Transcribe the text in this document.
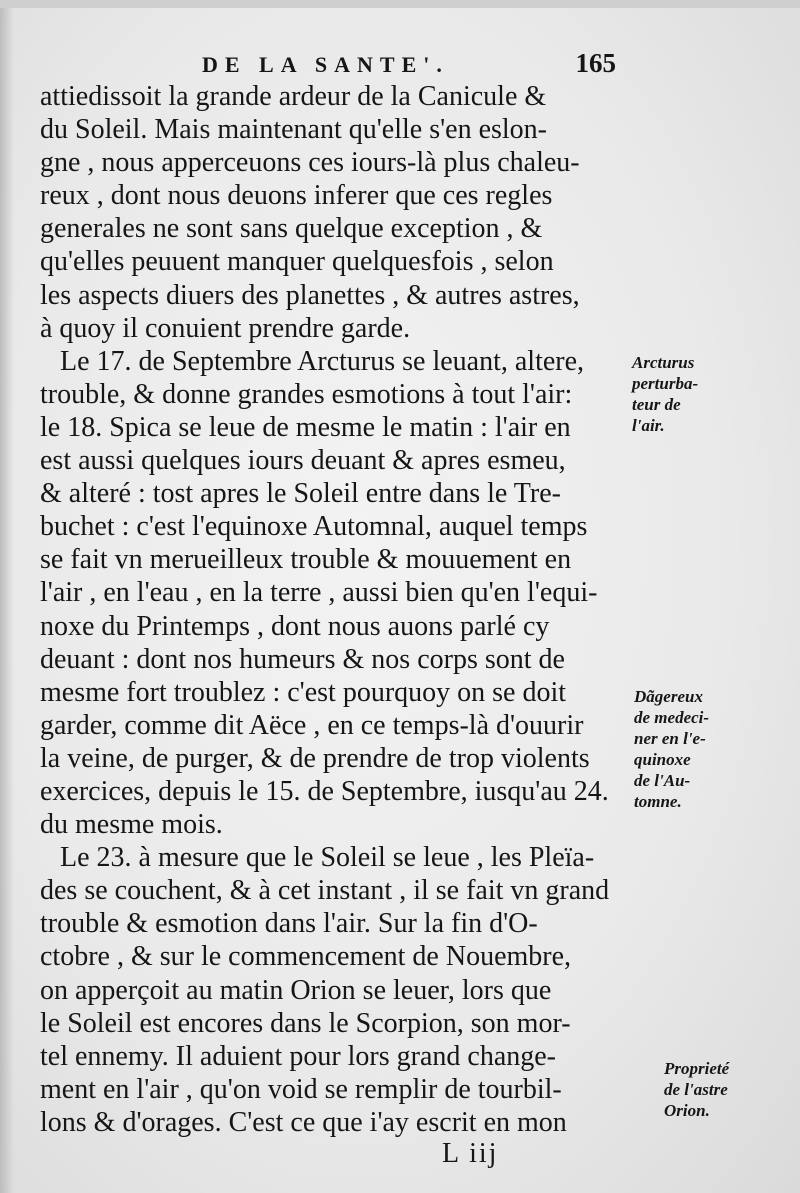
DE LA SANTE'.	165
attiedissoit la grande ardeur de la Canicule &
du Soleil. Mais maintenant qu'elle s'en eslon-
gne , nous apperceuons ces iours-là plus chaleu-
reux , dont nous deuons inferer que ces regles
generales ne sont sans quelque exception , &
qu'elles peuuent manquer quelquesfois , selon
les aspects diuers des planettes , & autres astres,
à quoy il conuient prendre garde.
Le 17. de Septembre Arcturus se leuant, altere,
trouble, & donne grandes esmotions à tout l'air:
le 18. Spica se leue de mesme le matin : l'air en
est aussi quelques iours deuant & apres esmeu,
& alteré : tost apres le Soleil entre dans le Tre-
buchet : c'est l'equinoxe Automnal, auquel temps
se fait vn merueilleux trouble & mouuement en
l'air , en l'eau , en la terre , aussi bien qu'en l'equi-
noxe du Printemps , dont nous auons parlé cy
deuant : dont nos humeurs & nos corps sont de
mesme fort troublez : c'est pourquoy on se doit
garder, comme dit Aëce , en ce temps-là d'ouurir
la veine, de purger, & de prendre de trop violents
exercices, depuis le 15. de Septembre, iusqu'au 24.
du mesme mois.
Le 23. à mesure que le Soleil se leue , les Pleïa-
des se couchent, & à cet instant , il se fait vn grand
trouble & esmotion dans l'air. Sur la fin d'O-
ctobre , & sur le commencement de Nouembre,
on apperçoit au matin Orion se leuer, lors que
le Soleil est encores dans le Scorpion, son mor-
tel ennemy. Il aduient pour lors grand change-
ment en l'air , qu'on void se remplir de tourbil-
lons & d'orages. C'est ce que i'ay escrit en mon
Arcturus
perturba-
teur de
l'air.
Dãgereux
de medeci-
ner en l'e-
quinoxe
de l'Au-
tomne.
Proprieté
de l'astre
Orion.
L iij
